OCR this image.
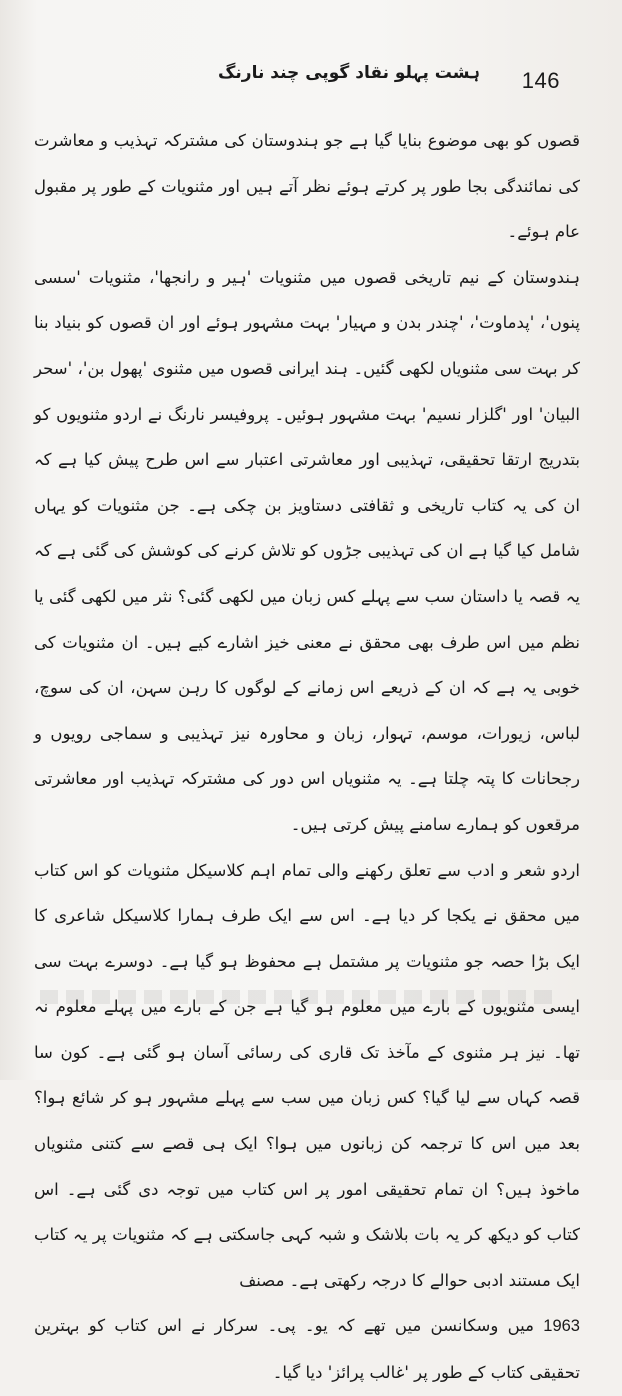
ہشت پہلو نقاد گوپی چند نارنگ 146

قصوں کو بھی موضوع بنایا گیا ہے جو ہندوستان کی مشترکہ تہذیب و معاشرت کی نمائندگی بجا طور پر کرتے ہوئے نظر آتے ہیں اور مثنویات کے طور پر مقبول عام ہوئے۔

ہندوستان کے نیم تاریخی قصوں میں مثنویات 'ہیر و رانجھا'، مثنویات 'سسی پنوں'، 'پدماوت'، 'چندر بدن و مہیار' بہت مشہور ہوئے اور ان قصوں کو بنیاد بنا کر بہت سی مثنویاں لکھی گئیں۔ ہند ایرانی قصوں میں مثنوی 'پھول بن'، 'سحر البیان' اور 'گلزار نسیم' بہت مشہور ہوئیں۔ پروفیسر نارنگ نے اردو مثنویوں کو بتدریج ارتقا تحقیقی، تہذیبی اور معاشرتی اعتبار سے اس طرح پیش کیا ہے کہ ان کی یہ کتاب تاریخی و ثقافتی دستاویز بن چکی ہے۔ جن مثنویات کو یہاں شامل کیا گیا ہے ان کی تہذیبی جڑوں کو تلاش کرنے کی کوشش کی گئی ہے کہ یہ قصہ یا داستان سب سے پہلے کس زبان میں لکھی گئی؟ نثر میں لکھی گئی یا نظم میں اس طرف بھی محقق نے معنی خیز اشارے کیے ہیں۔ ان مثنویات کی خوبی یہ ہے کہ ان کے ذریعے اس زمانے کے لوگوں کا رہن سہن، ان کی سوچ، لباس، زیورات، موسم، تہوار، زبان و محاورہ نیز تہذیبی و سماجی رویوں و رجحانات کا پتہ چلتا ہے۔ یہ مثنویاں اس دور کی مشترکہ تہذیب اور معاشرتی مرقعوں کو ہمارے سامنے پیش کرتی ہیں۔

اردو شعر و ادب سے تعلق رکھنے والی تمام اہم کلاسیکل مثنویات کو اس کتاب میں محقق نے یکجا کر دیا ہے۔ اس سے ایک طرف ہمارا کلاسیکل شاعری کا ایک بڑا حصہ جو مثنویات پر مشتمل ہے محفوظ ہو گیا ہے۔ دوسرے بہت سی ایسی مثنویوں کے بارے میں معلوم ہو گیا ہے جن کے بارے میں پہلے معلوم نہ تھا۔ نیز ہر مثنوی کے مآخذ تک قاری کی رسائی آسان ہو گئی ہے۔ کون سا قصہ کہاں سے لیا گیا؟ کس زبان میں سب سے پہلے مشہور ہو کر شائع ہوا؟ بعد میں اس کا ترجمہ کن زبانوں میں ہوا؟ ایک ہی قصے سے کتنی مثنویاں ماخوذ ہیں؟ ان تمام تحقیقی امور پر اس کتاب میں توجہ دی گئی ہے۔ اس کتاب کو دیکھ کر یہ بات بلاشک و شبہ کہی جاسکتی ہے کہ مثنویات پر یہ کتاب ایک مستند ادبی حوالے کا درجہ رکھتی ہے۔ مصنف

1963 میں وسکانسن میں تھے کہ یو۔ پی۔ سرکار نے اس کتاب کو بہترین تحقیقی کتاب کے طور پر 'غالب پرائز' دیا گیا۔
